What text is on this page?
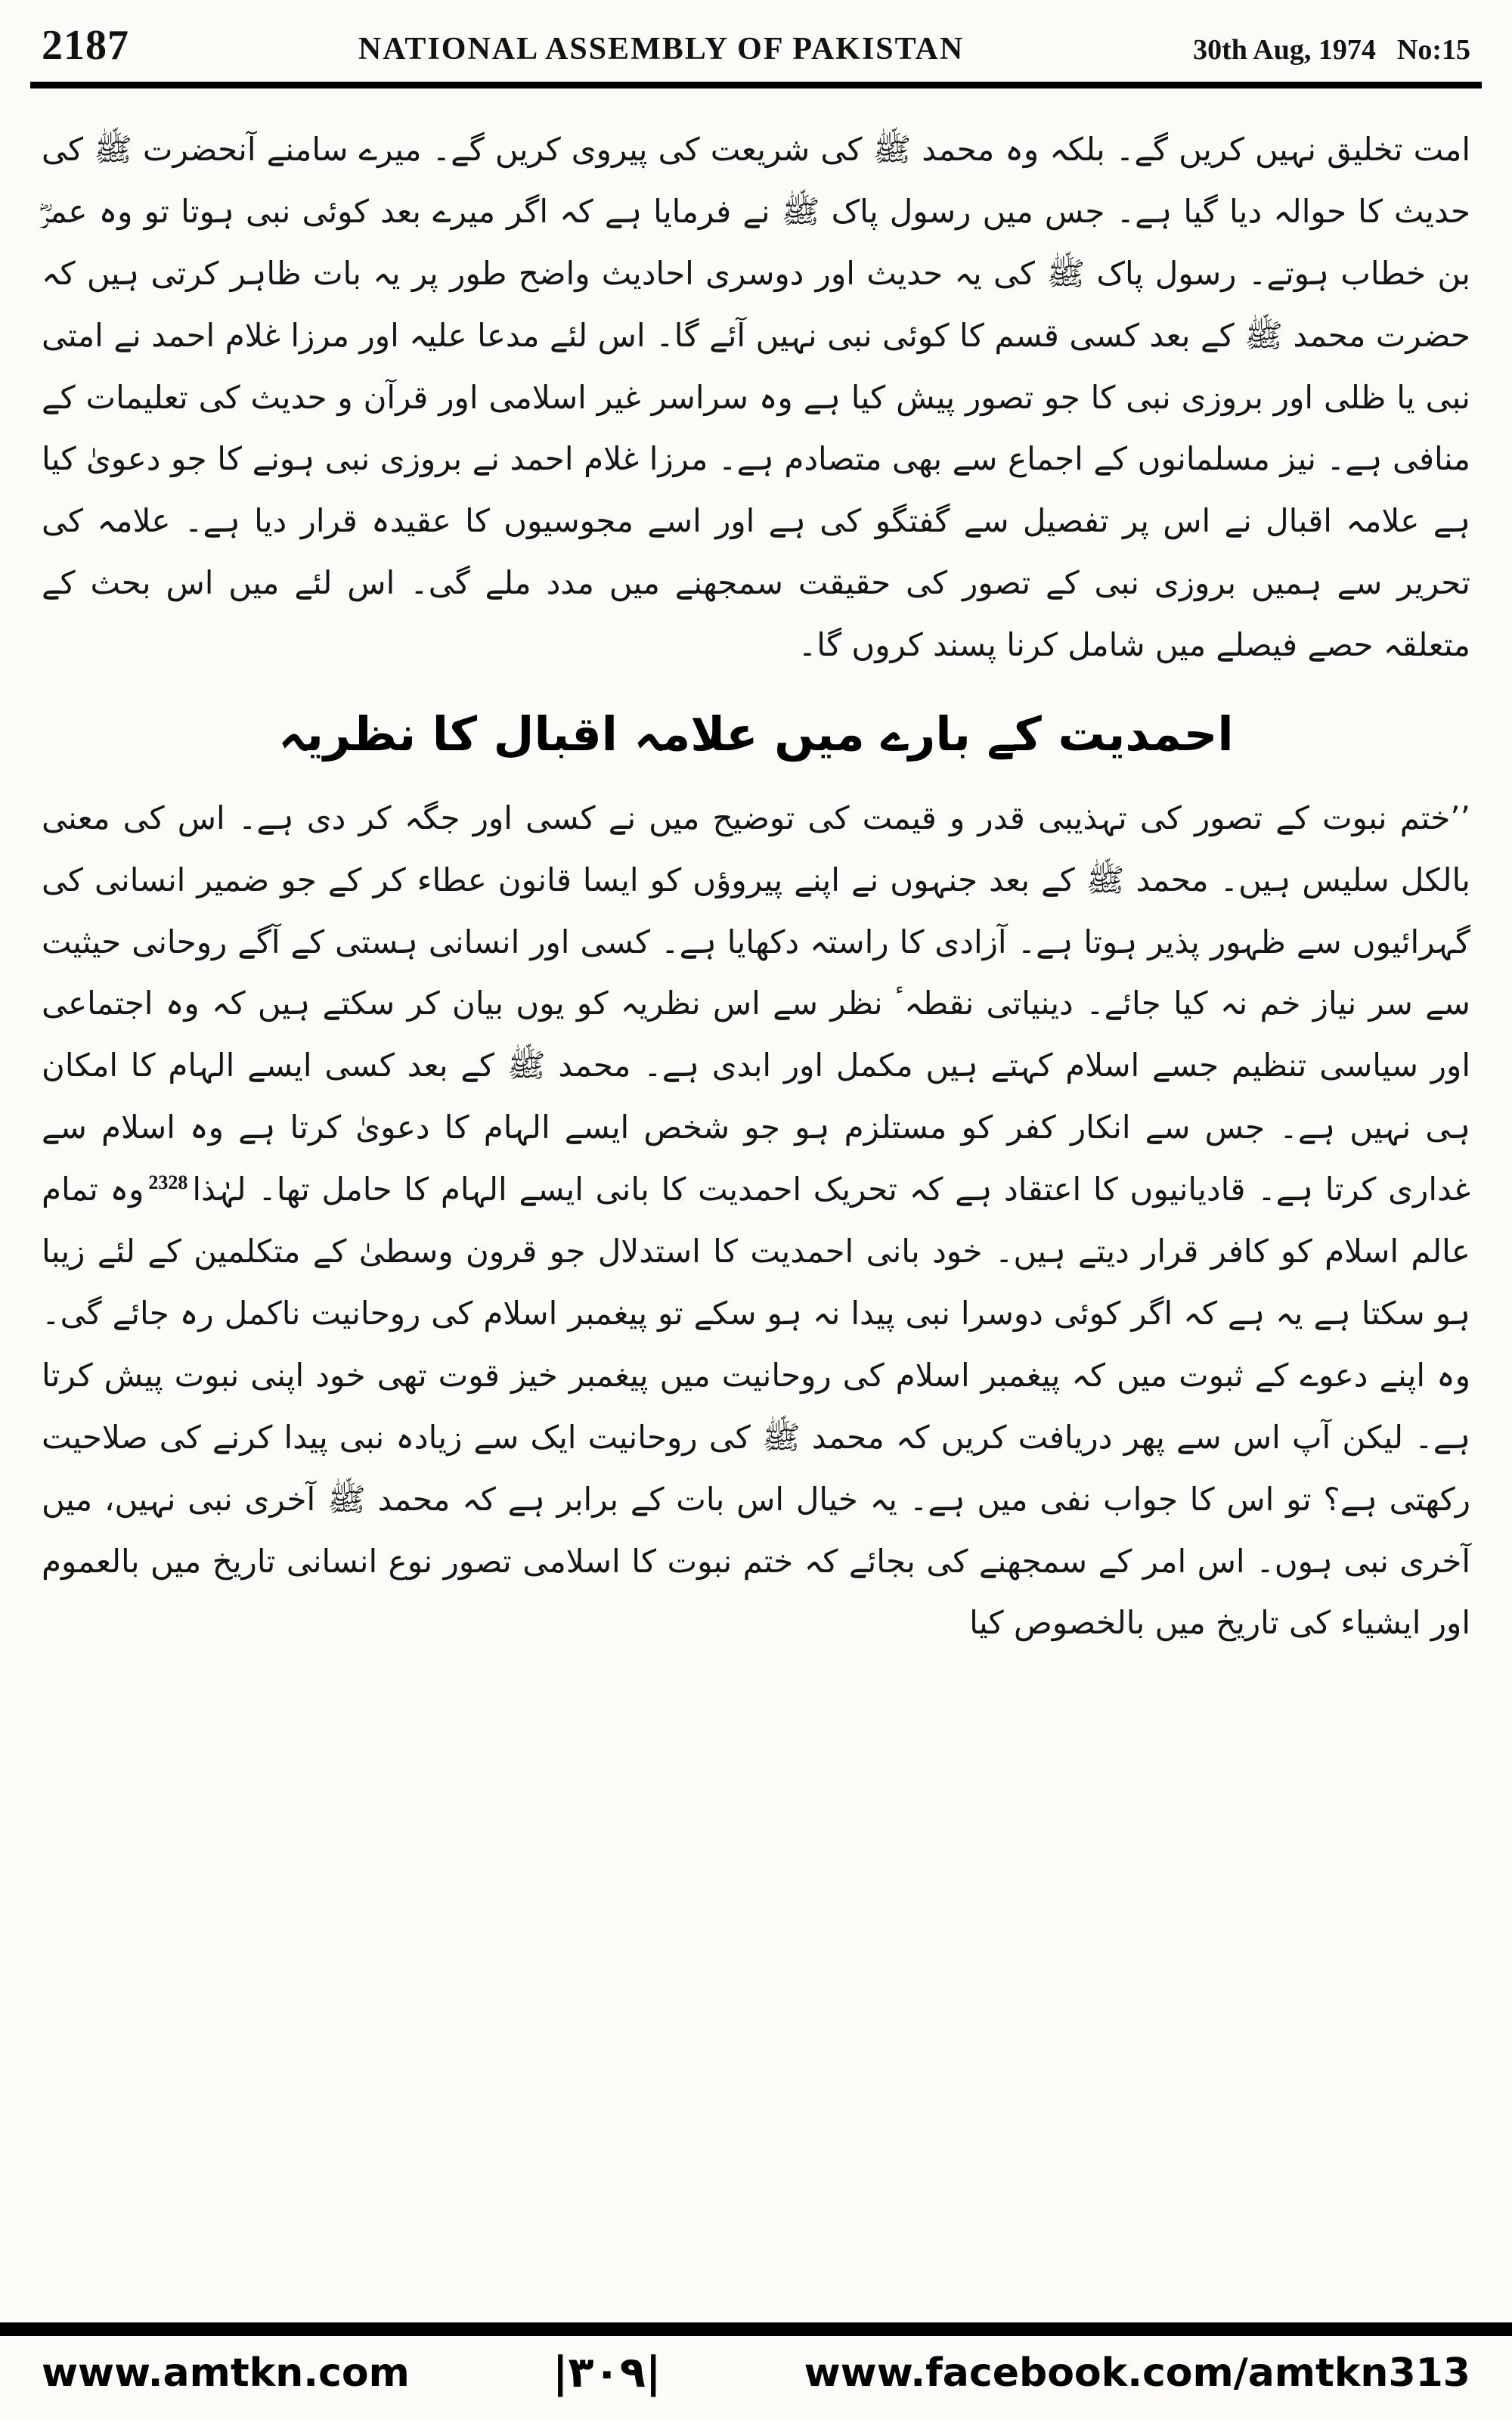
2187	NATIONAL ASSEMBLY OF PAKISTAN	30th Aug, 1974 No:15

امت تخلیق نہیں کریں گے۔ بلکہ وہ محمد ﷺ کی شریعت کی پیروی کریں گے۔ میرے سامنے آنحضرت ﷺ کی حدیث کا حوالہ دیا گیا ہے۔ جس میں رسول پاک ﷺ نے فرمایا ہے کہ اگر میرے بعد کوئی نبی ہوتا تو وہ عمرؓ بن خطاب ہوتے۔ رسول پاک ﷺ کی یہ حدیث اور دوسری احادیث واضح طور پر یہ بات ظاہر کرتی ہیں کہ حضرت محمد ﷺ کے بعد کسی قسم کا کوئی نبی نہیں آئے گا۔ اس لئے مدعا علیہ اور مرزا غلام احمد نے امتی نبی یا ظلی اور بروزی نبی کا جو تصور پیش کیا ہے وہ سراسر غیر اسلامی اور قرآن و حدیث کی تعلیمات کے منافی ہے۔ نیز مسلمانوں کے اجماع سے بھی متصادم ہے۔ مرزا غلام احمد نے بروزی نبی ہونے کا جو دعویٰ کیا ہے علامہ اقبال نے اس پر تفصیل سے گفتگو کی ہے اور اسے مجوسیوں کا عقیدہ قرار دیا ہے۔ علامہ کی تحریر سے ہمیں بروزی نبی کے تصور کی حقیقت سمجھنے میں مدد ملے گی۔ اس لئے میں اس بحث کے متعلقہ حصے فیصلے میں شامل کرنا پسند کروں گا۔

احمدیت کے بارے میں علامہ اقبال کا نظریہ

’’ختم نبوت کے تصور کی تہذیبی قدر و قیمت کی توضیح میں نے کسی اور جگہ کر دی ہے۔ اس کی معنی بالکل سلیس ہیں۔ محمد ﷺ کے بعد جنہوں نے اپنے پیروؤں کو ایسا قانون عطاء کر کے جو ضمیر انسانی کی گہرائیوں سے ظہور پذیر ہوتا ہے۔ آزادی کا راستہ دکھایا ہے۔ کسی اور انسانی ہستی کے آگے روحانی حیثیت سے سر نیاز خم نہ کیا جائے۔ دینیاتی نقطہٴ نظر سے اس نظریہ کو یوں بیان کر سکتے ہیں کہ وہ اجتماعی اور سیاسی تنظیم جسے اسلام کہتے ہیں مکمل اور ابدی ہے۔ محمد ﷺ کے بعد کسی ایسے الہام کا امکان ہی نہیں ہے۔ جس سے انکار کفر کو مستلزم ہو جو شخص ایسے الہام کا دعویٰ کرتا ہے وہ اسلام سے غداری کرتا ہے۔ قادیانیوں کا اعتقاد ہے کہ تحریک احمدیت کا بانی ایسے الہام کا حامل تھا۔ لہٰذا$^{2328}$وہ تمام عالم اسلام کو کافر قرار دیتے ہیں۔ خود بانی احمدیت کا استدلال جو قرون وسطیٰ کے متکلمین کے لئے زیبا ہو سکتا ہے یہ ہے کہ اگر کوئی دوسرا نبی پیدا نہ ہو سکے تو پیغمبر اسلام کی روحانیت ناکمل رہ جائے گی۔ وہ اپنے دعوے کے ثبوت میں کہ پیغمبر اسلام کی روحانیت میں پیغمبر خیز قوت تھی خود اپنی نبوت پیش کرتا ہے۔ لیکن آپ اس سے پھر دریافت کریں کہ محمد ﷺ کی روحانیت ایک سے زیادہ نبی پیدا کرنے کی صلاحیت رکھتی ہے؟ تو اس کا جواب نفی میں ہے۔ یہ خیال اس بات کے برابر ہے کہ محمد ﷺ آخری نبی نہیں، میں آخری نبی ہوں۔ اس امر کے سمجھنے کی بجائے کہ ختم نبوت کا اسلامی تصور نوع انسانی تاریخ میں بالعموم اور ایشیاء کی تاریخ میں بالخصوص کیا

www.amtkn.com	|۳۰۹|	www.facebook.com/amtkn313
